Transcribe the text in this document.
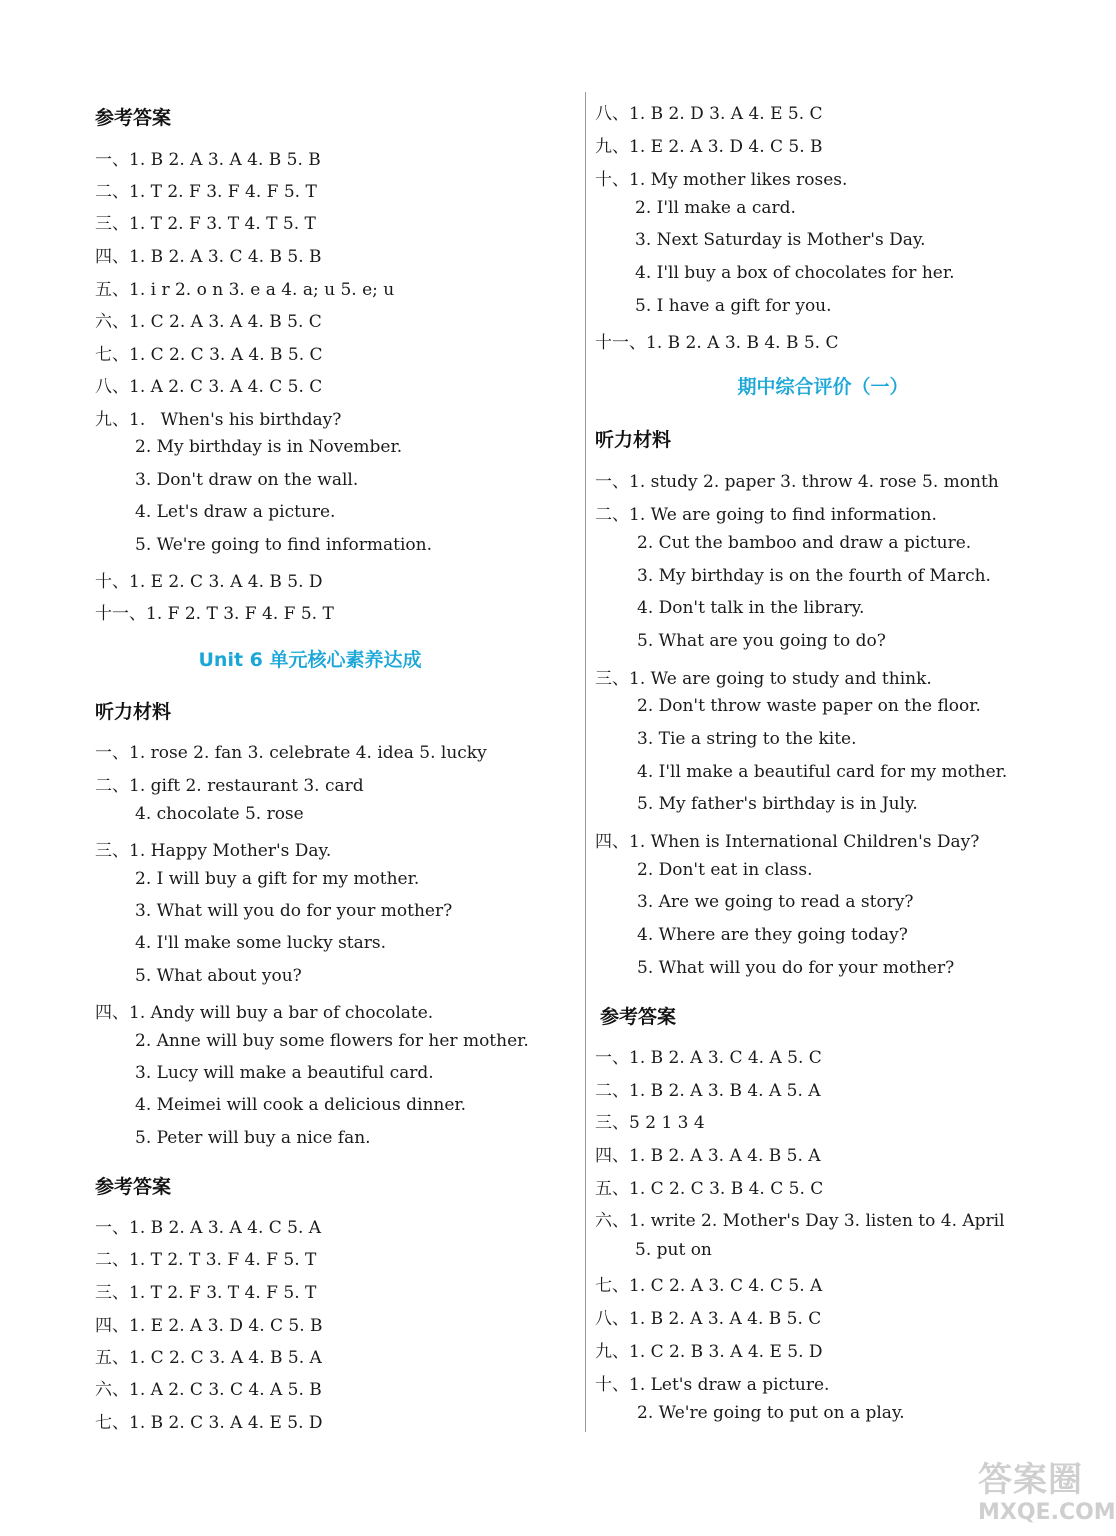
参考答案
一、1. B 2. A 3. A 4. B 5. B
二、1. T 2. F 3. F 4. F 5. T
三、1. T 2. F 3. T 4. T 5. T
四、1. B 2. A 3. C 4. B 5. B
五、1. i r 2. o n 3. e a 4. a; u 5. e; u
六、1. C 2. A 3. A 4. B 5. C
七、1. C 2. C 3. A 4. B 5. C
八、1. A 2. C 3. A 4. C 5. C
九、1. When's his birthday?
2. My birthday is in November.
3. Don't draw on the wall.
4. Let's draw a picture.
5. We're going to find information.
十、1. E 2. C 3. A 4. B 5. D
十一、1. F 2. T 3. F 4. F 5. T
Unit 6 单元核心素养达成
听力材料
一、1. rose 2. fan 3. celebrate 4. idea 5. lucky
二、1. gift 2. restaurant 3. card
4. chocolate 5. rose
三、1. Happy Mother's Day.
2. I will buy a gift for my mother.
3. What will you do for your mother?
4. I'll make some lucky stars.
5. What about you?
四、1. Andy will buy a bar of chocolate.
2. Anne will buy some flowers for her mother.
3. Lucy will make a beautiful card.
4. Meimei will cook a delicious dinner.
5. Peter will buy a nice fan.
参考答案
一、1. B 2. A 3. A 4. C 5. A
二、1. T 2. T 3. F 4. F 5. T
三、1. T 2. F 3. T 4. F 5. T
四、1. E 2. A 3. D 4. C 5. B
五、1. C 2. C 3. A 4. B 5. A
六、1. A 2. C 3. C 4. A 5. B
七、1. B 2. C 3. A 4. E 5. D
八、1. B 2. D 3. A 4. E 5. C
九、1. E 2. A 3. D 4. C 5. B
十、1. My mother likes roses.
2. I'll make a card.
3. Next Saturday is Mother's Day.
4. I'll buy a box of chocolates for her.
5. I have a gift for you.
十一、1. B 2. A 3. B 4. B 5. C
期中综合评价（一）
听力材料
一、1. study 2. paper 3. throw 4. rose 5. month
二、1. We are going to find information.
2. Cut the bamboo and draw a picture.
3. My birthday is on the fourth of March.
4. Don't talk in the library.
5. What are you going to do?
三、1. We are going to study and think.
2. Don't throw waste paper on the floor.
3. Tie a string to the kite.
4. I'll make a beautiful card for my mother.
5. My father's birthday is in July.
四、1. When is International Children's Day?
2. Don't eat in class.
3. Are we going to read a story?
4. Where are they going today?
5. What will you do for your mother?
参考答案
一、1. B 2. A 3. C 4. A 5. C
二、1. B 2. A 3. B 4. A 5. A
三、5 2 1 3 4
四、1. B 2. A 3. A 4. B 5. A
五、1. C 2. C 3. B 4. C 5. C
六、1. write 2. Mother's Day 3. listen to 4. April
5. put on
七、1. C 2. A 3. C 4. C 5. A
八、1. B 2. A 3. A 4. B 5. C
九、1. C 2. B 3. A 4. E 5. D
十、1. Let's draw a picture.
2. We're going to put on a play.
答案圈
MXQE.COM
